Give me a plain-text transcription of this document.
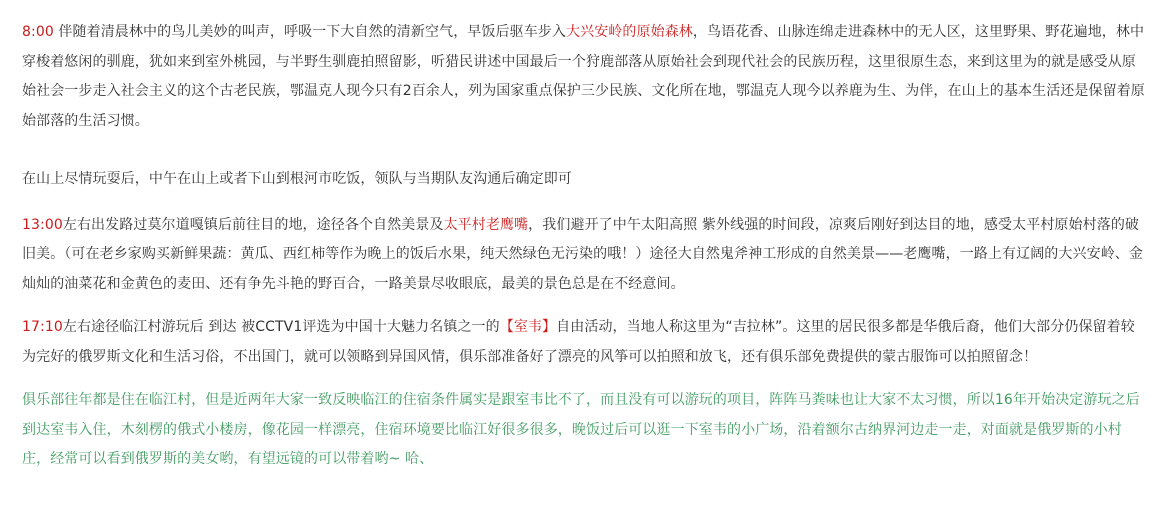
8:00 伴随着清晨林中的鸟儿美妙的叫声，呼吸一下大自然的清新空气，早饭后驱车步入大兴安岭的原始森林，鸟语花香、山脉连绵走进森林中的无人区，这里野果、野花遍地，林中穿梭着悠闲的驯鹿，犹如来到室外桃园，与半野生驯鹿拍照留影，听猎民讲述中国最后一个狩鹿部落从原始社会到现代社会的民族历程，这里很原生态，来到这里为的就是感受从原始社会一步走入社会主义的这个古老民族，鄂温克人现今只有2百余人，列为国家重点保护三少民族、文化所在地，鄂温克人现今以养鹿为生、为伴，在山上的基本生活还是保留着原始部落的生活习惯。

在山上尽情玩耍后，中午在山上或者下山到根河市吃饭，领队与当期队友沟通后确定即可

13:00左右出发路过莫尔道嘎镇后前往目的地，途径各个自然美景及太平村老鹰嘴，我们避开了中午太阳高照 紫外线强的时间段，凉爽后刚好到达目的地，感受太平村原始村落的破旧美。（可在老乡家购买新鲜果蔬：黄瓜、西红柿等作为晚上的饭后水果，纯天然绿色无污染的哦！）途径大自然鬼斧神工形成的自然美景——老鹰嘴，一路上有辽阔的大兴安岭、金灿灿的油菜花和金黄色的麦田、还有争先斗艳的野百合，一路美景尽收眼底，最美的景色总是在不经意间。

17:10左右途径临江村游玩后 到达 被CCTV1评选为中国十大魅力名镇之一的【室韦】自由活动，当地人称这里为“吉拉林”。这里的居民很多都是华俄后裔，他们大部分仍保留着较为完好的俄罗斯文化和生活习俗，不出国门，就可以领略到异国风情，俱乐部准备好了漂亮的风筝可以拍照和放飞，还有俱乐部免费提供的蒙古服饰可以拍照留念！

俱乐部往年都是住在临江村，但是近两年大家一致反映临江的住宿条件属实是跟室韦比不了，而且没有可以游玩的项目，阵阵马粪味也让大家不太习惯，所以16年开始决定游玩之后到达室韦入住，木刻楞的俄式小楼房，像花园一样漂亮，住宿环境要比临江好很多很多，晚饭过后可以逛一下室韦的小广场，沿着额尔古纳界河边走一走，对面就是俄罗斯的小村庄，经常可以看到俄罗斯的美女哟，有望远镜的可以带着哟~ 哈、
